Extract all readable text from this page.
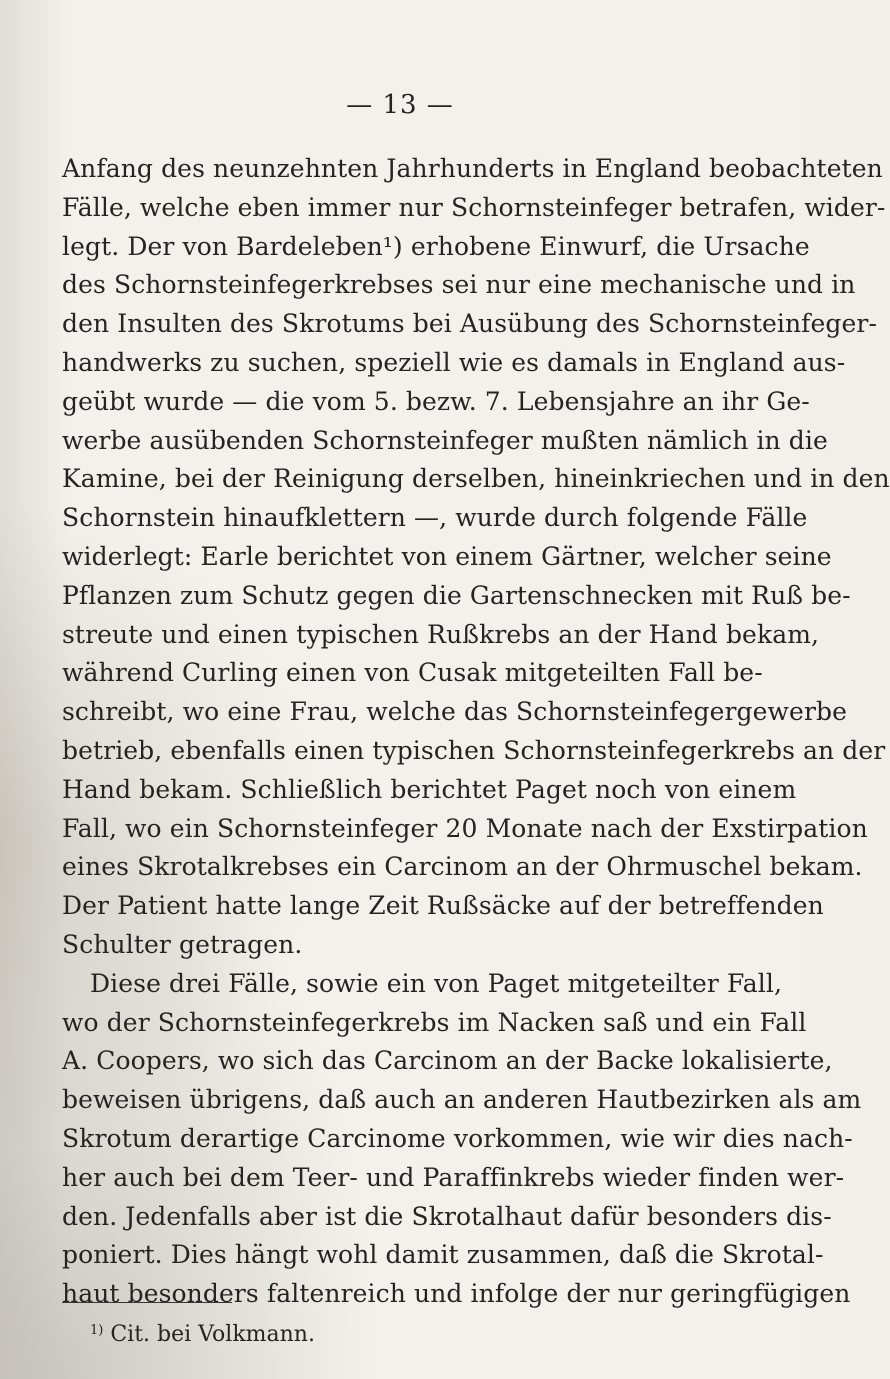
— 13 —
Anfang des neunzehnten Jahrhunderts in England beobachteten
Fälle, welche eben immer nur Schornsteinfeger betrafen, wider-
legt. Der von Bardeleben¹) erhobene Einwurf, die Ursache
des Schornsteinfegerkrebses sei nur eine mechanische und in
den Insulten des Skrotums bei Ausübung des Schornsteinfeger-
handwerks zu suchen, speziell wie es damals in England aus-
geübt wurde — die vom 5. bezw. 7. Lebensjahre an ihr Ge-
werbe ausübenden Schornsteinfeger mußten nämlich in die
Kamine, bei der Reinigung derselben, hineinkriechen und in den
Schornstein hinaufklettern —, wurde durch folgende Fälle
widerlegt: Earle berichtet von einem Gärtner, welcher seine
Pflanzen zum Schutz gegen die Gartenschnecken mit Ruß be-
streute und einen typischen Rußkrebs an der Hand bekam,
während Curling einen von Cusak mitgeteilten Fall be-
schreibt, wo eine Frau, welche das Schornsteinfegergewerbe
betrieb, ebenfalls einen typischen Schornsteinfegerkrebs an der
Hand bekam. Schließlich berichtet Paget noch von einem
Fall, wo ein Schornsteinfeger 20 Monate nach der Exstirpation
eines Skrotalkrebses ein Carcinom an der Ohrmuschel bekam.
Der Patient hatte lange Zeit Rußsäcke auf der betreffenden
Schulter getragen.
Diese drei Fälle, sowie ein von Paget mitgeteilter Fall,
wo der Schornsteinfegerkrebs im Nacken saß und ein Fall
A. Coopers, wo sich das Carcinom an der Backe lokalisierte,
beweisen übrigens, daß auch an anderen Hautbezirken als am
Skrotum derartige Carcinome vorkommen, wie wir dies nach-
her auch bei dem Teer- und Paraffinkrebs wieder finden wer-
den. Jedenfalls aber ist die Skrotalhaut dafür besonders dis-
poniert. Dies hängt wohl damit zusammen, daß die Skrotal-
haut besonders faltenreich und infolge der nur geringfügigen
$^{1)}$ Cit. bei Volkmann.
